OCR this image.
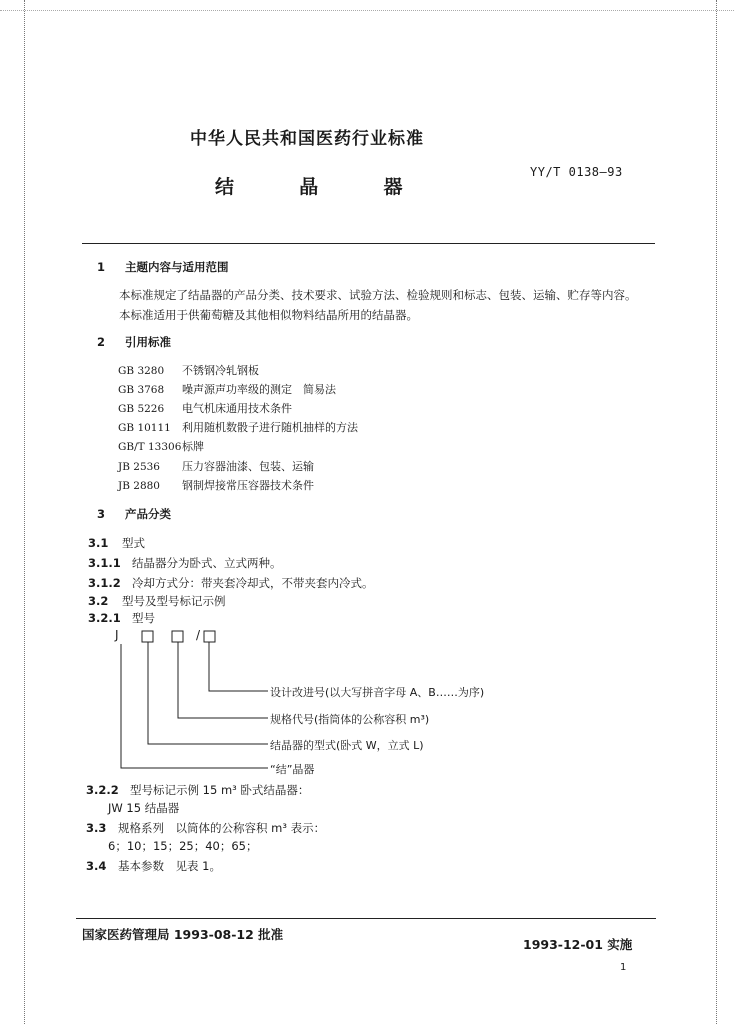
中华人民共和国医药行业标准
YY/T 0138—93
结	晶	器
1 主题内容与适用范围
本标准规定了结晶器的产品分类、技术要求、试验方法、检验规则和标志、包装、运输、贮存等内容。
本标准适用于供葡萄糖及其他相似物料结晶所用的结晶器。
2 引用标准
GB 3280 不锈钢冷轧钢板
GB 3768 噪声源声功率级的测定　简易法
GB 5226 电气机床通用技术条件
GB 10111 利用随机数骰子进行随机抽样的方法
GB/T 13306标牌
JB 2536 压力容器油漆、包装、运输
JB 2880 钢制焊接常压容器技术条件
3 产品分类
3.1 型式
3.1.1 结晶器分为卧式、立式两种。
3.1.2 冷却方式分：带夹套冷却式，不带夹套内冷式。
3.2 型号及型号标记示例
3.2.1 型号
J	/
设计改进号(以大写拼音字母 A、B……为序)
规格代号(指筒体的公称容积 m³)
结晶器的型式(卧式 W，立式 L)
“结”晶器
3.2.2 型号标记示例 15 m³ 卧式结晶器：
JW 15 结晶器
3.3 规格系列　以筒体的公称容积 m³ 表示：
6；10；15；25；40；65；
3.4 基本参数　见表 1。
国家医药管理局 1993-08-12 批准
1993-12-01 实施
1
